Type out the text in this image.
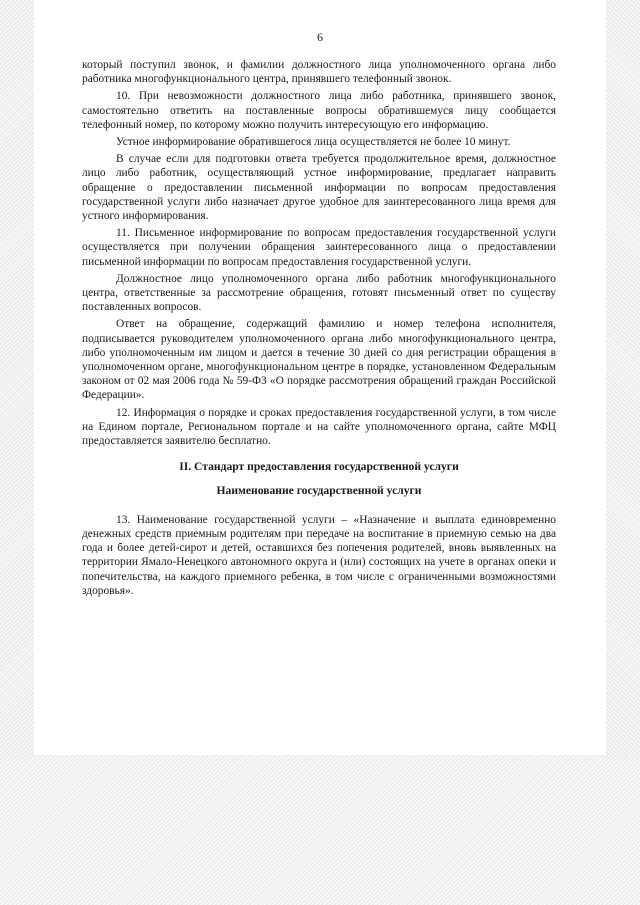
6

который поступил звонок, и фамилии должностного лица уполномоченного органа либо работника многофункционального центра, принявшего телефонный звонок.

10. При невозможности должностного лица либо работника, принявшего звонок, самостоятельно ответить на поставленные вопросы обратившемуся лицу сообщается телефонный номер, по которому можно получить интересующую его информацию.

Устное информирование обратившегося лица осуществляется не более 10 минут.

В случае если для подготовки ответа требуется продолжительное время, должностное лицо либо работник, осуществляющий устное информирование, предлагает направить обращение о предоставлении письменной информации по вопросам предоставления государственной услуги либо назначает другое удобное для заинтересованного лица время для устного информирования.

11. Письменное информирование по вопросам предоставления государственной услуги осуществляется при получении обращения заинтересованного лица о предоставлении письменной информации по вопросам предоставления государственной услуги.

Должностное лицо уполномоченного органа либо работник многофункционального центра, ответственные за рассмотрение обращения, готовят письменный ответ по существу поставленных вопросов.

Ответ на обращение, содержащий фамилию и номер телефона исполнителя, подписывается руководителем уполномоченного органа либо многофункционального центра, либо уполномоченным им лицом и дается в течение 30 дней со дня регистрации обращения в уполномоченном органе, многофункциональном центре в порядке, установленном Федеральным законом от 02 мая 2006 года № 59-ФЗ «О порядке рассмотрения обращений граждан Российской Федерации».

12. Информация о порядке и сроках предоставления государственной услуги, в том числе на Едином портале, Региональном портале и на сайте уполномоченного органа, сайте МФЦ предоставляется заявителю бесплатно.

II. Стандарт предоставления государственной услуги
Наименование государственной услуги

13. Наименование государственной услуги – «Назначение и выплата единовременно денежных средств приемным родителям при передаче на воспитание в приемную семью на два года и более детей-сирот и детей, оставшихся без попечения родителей, вновь выявленных на территории Ямало-Ненецкого автономного округа и (или) состоящих на учете в органах опеки и попечительства, на каждого приемного ребенка, в том числе с ограниченными возможностями здоровья».
